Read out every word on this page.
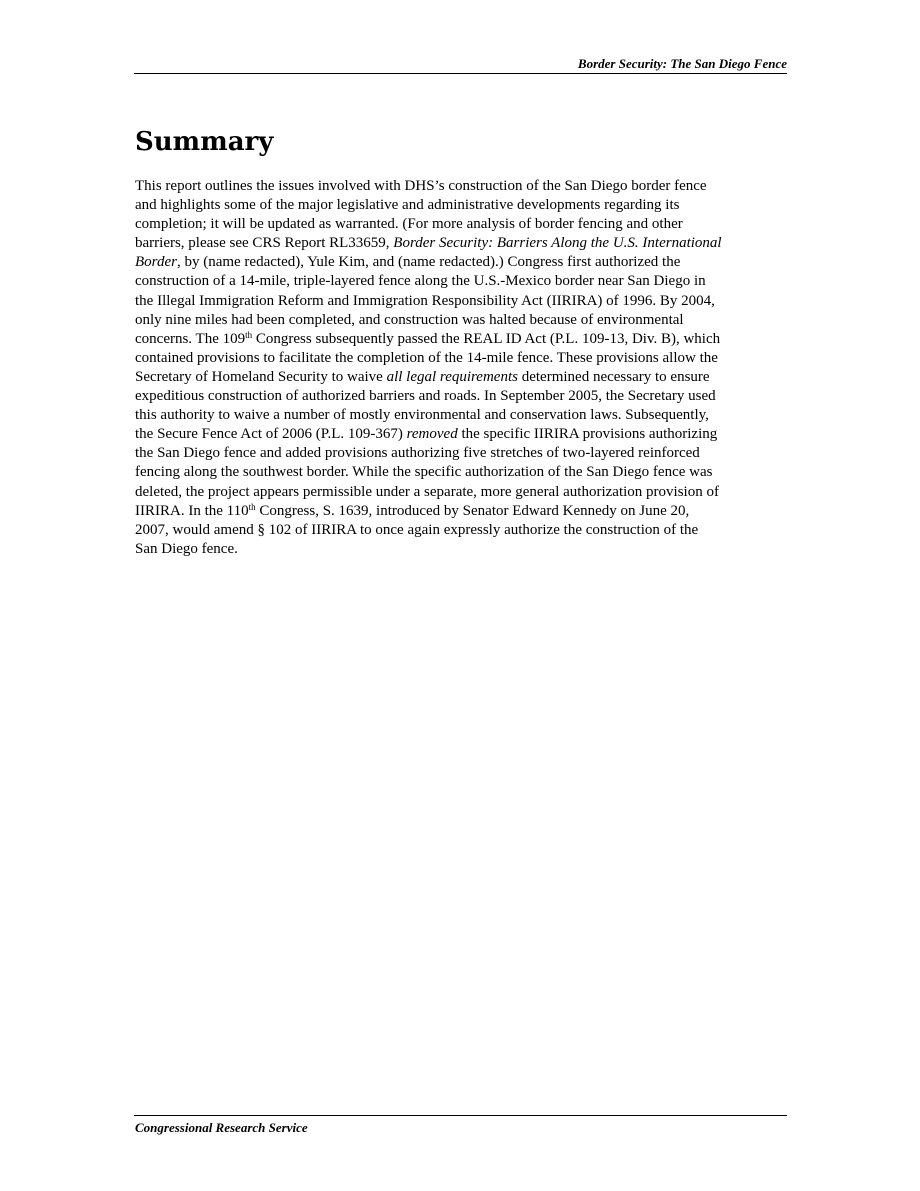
Border Security: The San Diego Fence
Summary

This report outlines the issues involved with DHS’s construction of the San Diego border fence
and highlights some of the major legislative and administrative developments regarding its
completion; it will be updated as warranted. (For more analysis of border fencing and other
barriers, please see CRS Report RL33659, Border Security: Barriers Along the U.S. International
Border, by (name redacted), Yule Kim, and (name redacted).) Congress first authorized the
construction of a 14-mile, triple-layered fence along the U.S.-Mexico border near San Diego in
the Illegal Immigration Reform and Immigration Responsibility Act (IIRIRA) of 1996. By 2004,
only nine miles had been completed, and construction was halted because of environmental
concerns. The 109th Congress subsequently passed the REAL ID Act (P.L. 109-13, Div. B), which
contained provisions to facilitate the completion of the 14-mile fence. These provisions allow the
Secretary of Homeland Security to waive all legal requirements determined necessary to ensure
expeditious construction of authorized barriers and roads. In September 2005, the Secretary used
this authority to waive a number of mostly environmental and conservation laws. Subsequently,
the Secure Fence Act of 2006 (P.L. 109-367) removed the specific IIRIRA provisions authorizing
the San Diego fence and added provisions authorizing five stretches of two-layered reinforced
fencing along the southwest border. While the specific authorization of the San Diego fence was
deleted, the project appears permissible under a separate, more general authorization provision of
IIRIRA. In the 110th Congress, S. 1639, introduced by Senator Edward Kennedy on June 20,
2007, would amend § 102 of IIRIRA to once again expressly authorize the construction of the
San Diego fence.

Congressional Research Service
